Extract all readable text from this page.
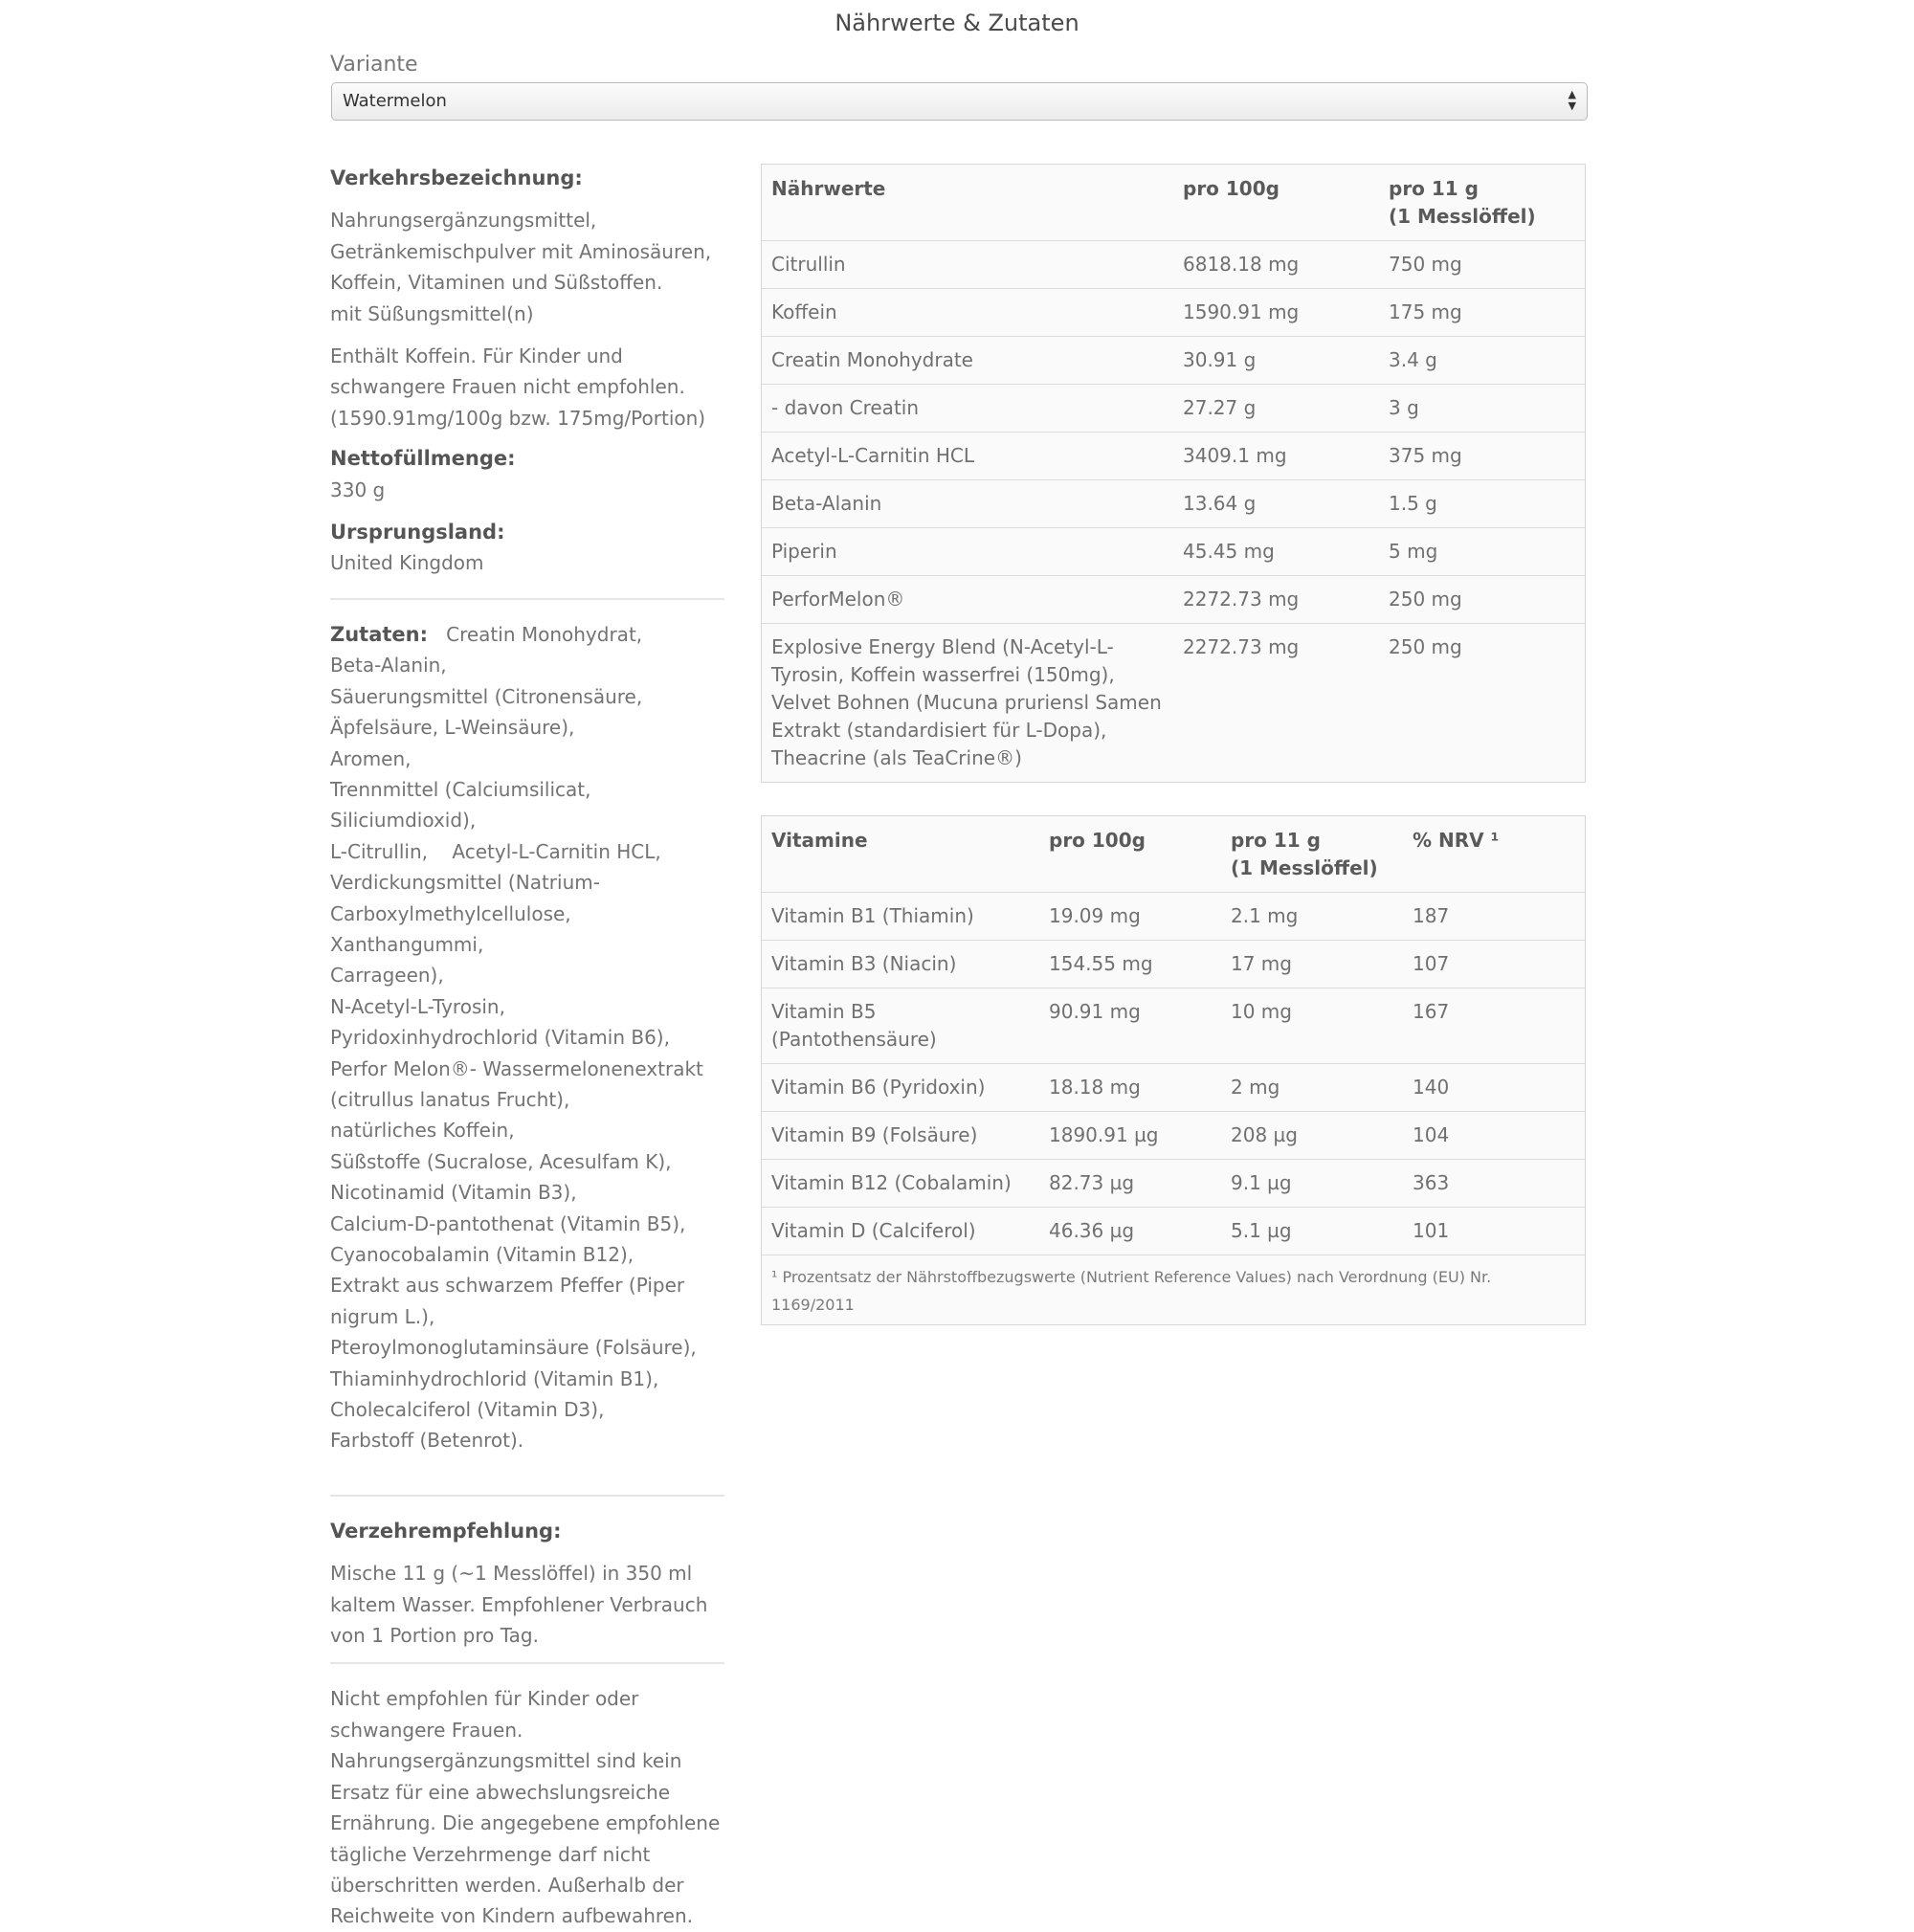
Nährwerte & Zutaten
Variante
Watermelon	▲
▼
Verkehrsbezeichnung:

Nahrungsergänzungsmittel,
Getränkemischpulver mit Aminosäuren,
Koffein, Vitaminen und Süßstoffen.
mit Süßungsmittel(n)

Enthält Koffein. Für Kinder und
schwangere Frauen nicht empfohlen.
(1590.91mg/100g bzw. 175mg/Portion)

Nettofüllmenge:

330 g

Ursprungsland:

United Kingdom

Zutaten: Creatin Monohydrat,
Beta-Alanin,
Säuerungsmittel (Citronensäure,
Äpfelsäure, L-Weinsäure),
Aromen,
Trennmittel (Calciumsilicat,
Siliciumdioxid),
L-Citrullin,    Acetyl-L-Carnitin HCL,
Verdickungsmittel (Natrium-
Carboxylmethylcellulose, Xanthangummi,
Carrageen),
N-Acetyl-L-Tyrosin,
Pyridoxinhydrochlorid (Vitamin B6),
Perfor Melon®- Wassermelonenextrakt
(citrullus lanatus Frucht),
natürliches Koffein,
Süßstoffe (Sucralose, Acesulfam K),
Nicotinamid (Vitamin B3),
Calcium-D-pantothenat (Vitamin B5),
Cyanocobalamin (Vitamin B12),
Extrakt aus schwarzem Pfeffer (Piper
nigrum L.),
Pteroylmonoglutaminsäure (Folsäure),
Thiaminhydrochlorid (Vitamin B1),
Cholecalciferol (Vitamin D3),
Farbstoff (Betenrot).

Verzehrempfehlung:

Mische 11 g (~1 Messlöffel) in 350 ml
kaltem Wasser. Empfohlener Verbrauch
von 1 Portion pro Tag.

Nicht empfohlen für Kinder oder
schwangere Frauen.
Nahrungsergänzungsmittel sind kein
Ersatz für eine abwechslungsreiche
Ernährung. Die angegebene empfohlene
tägliche Verzehrmenge darf nicht
überschritten werden. Außerhalb der
Reichweite von Kindern aufbewahren.

Nährwerte	pro 100g	pro 11 g
(1 Messlöffel)
Citrullin	6818.18 mg	750 mg
Koffein	1590.91 mg	175 mg
Creatin Monohydrate	30.91 g	3.4 g
- davon Creatin	27.27 g	3 g
Acetyl-L-Carnitin HCL	3409.1 mg	375 mg
Beta-Alanin	13.64 g	1.5 g
Piperin	45.45 mg	5 mg
PerforMelon®	2272.73 mg	250 mg
Explosive Energy Blend (N-Acetyl-L-Tyrosin, Koffein wasserfrei (150mg), Velvet Bohnen (Mucuna pruriensl Samen Extrakt (standardisiert für L-Dopa), Theacrine (als TeaCrine®)	2272.73 mg	250 mg
Vitamine	pro 100g	pro 11 g
(1 Messlöffel)	% NRV ¹
Vitamin B1 (Thiamin)	19.09 mg	2.1 mg	187
Vitamin B3 (Niacin)	154.55 mg	17 mg	107
Vitamin B5 (Pantothensäure)	90.91 mg	10 mg	167
Vitamin B6 (Pyridoxin)	18.18 mg	2 mg	140
Vitamin B9 (Folsäure)	1890.91 µg	208 µg	104
Vitamin B12 (Cobalamin)	82.73 µg	9.1 µg	363
Vitamin D (Calciferol)	46.36 µg	5.1 µg	101
¹ Prozentsatz der Nährstoffbezugswerte (Nutrient Reference Values) nach Verordnung (EU) Nr. 1169/2011			
